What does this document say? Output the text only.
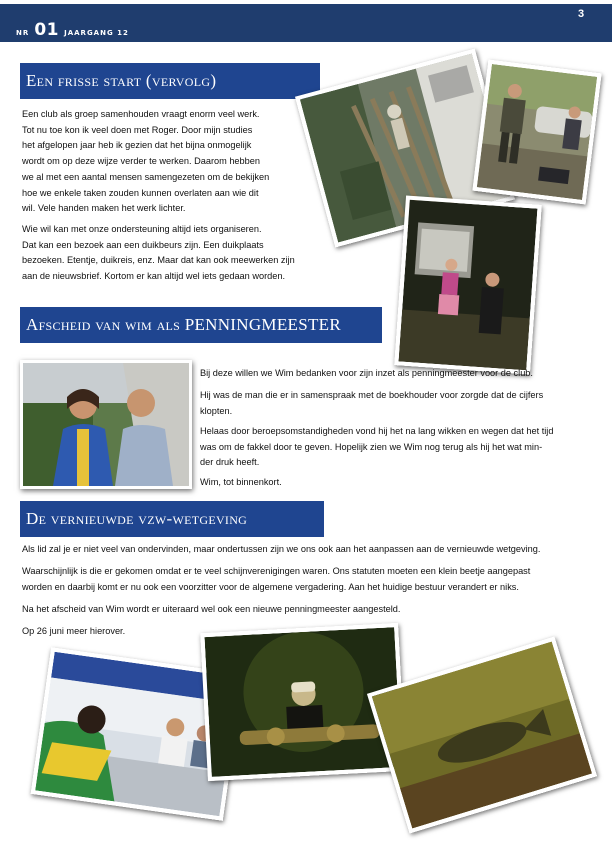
NR 01 JAARGANG 12
3
Een frisse start (vervolg)

Een club als groep samenhouden vraagt enorm veel werk.
Tot nu toe kon ik veel doen met Roger. Door mijn studies
het afgelopen jaar heb ik gezien dat het bijna onmogelijk
wordt om op deze wijze verder te werken. Daarom hebben
we al met een aantal mensen samengezeten om de bekijken
hoe we enkele taken zouden kunnen overlaten aan wie dit
wil. Vele handen maken het werk lichter.

Wie wil kan met onze ondersteuning altijd iets organiseren.
Dat kan een bezoek aan een duikbeurs zijn. Een duikplaats
bezoeken. Etentje, duikreis, enz. Maar dat kan ook meewerken zijn
aan de nieuwsbrief. Kortom er kan altijd wel iets gedaan worden.

Afscheid van wim als PENNINGMEESTER

Bij deze willen we Wim bedanken voor zijn inzet als penningmeester voor de club.

Hij was de man die er in samenspraak met de boekhouder voor zorgde dat de cijfers
klopten.

Helaas door beroepsomstandigheden vond hij het na lang wikken en wegen dat het tijd
was om de fakkel door te geven. Hopelijk zien we Wim nog terug als hij het wat min-
der druk heeft.

Wim, tot binnenkort.

De vernieuwde vzw-wetgeving

Als lid zal je er niet veel van ondervinden, maar ondertussen zijn we ons ook aan het aanpassen aan de vernieuwde wetgeving.

Waarschijnlijk is die er gekomen omdat er te veel schijnverenigingen waren. Ons statuten moeten een klein beetje aangepast
worden en daarbij komt er nu ook een voorzitter voor de algemene vergadering. Aan het huidige bestuur verandert er niks.

Na het afscheid van Wim wordt er uiteraard wel ook een nieuwe penningmeester aangesteld.

Op 26 juni meer hierover.
